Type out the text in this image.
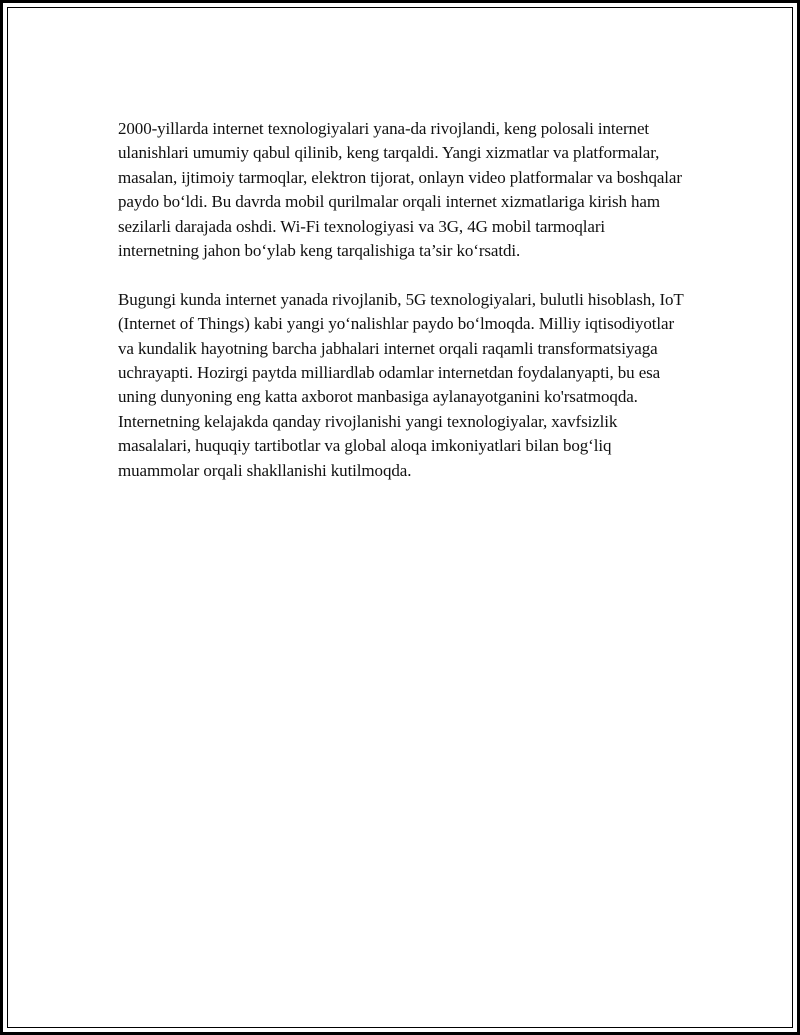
2000-yillarda internet texnologiyalari yana-da rivojlandi, keng polosali internet ulanishlari umumiy qabul qilinib, keng tarqaldi. Yangi xizmatlar va platformalar, masalan, ijtimoiy tarmoqlar, elektron tijorat, onlayn video platformalar va boshqalar paydo bo‘ldi. Bu davrda mobil qurilmalar orqali internet xizmatlariga kirish ham sezilarli darajada oshdi. Wi-Fi texnologiyasi va 3G, 4G mobil tarmoqlari internetning jahon bo‘ylab keng tarqalishiga ta’sir ko‘rsatdi.

Bugungi kunda internet yanada rivojlanib, 5G texnologiyalari, bulutli hisoblash, IoT (Internet of Things) kabi yangi yo‘nalishlar paydo bo‘lmoqda. Milliy iqtisodiyotlar va kundalik hayotning barcha jabhalari internet orqali raqamli transformatsiyaga uchrayapti. Hozirgi paytda milliardlab odamlar internetdan foydalanyapti, bu esa uning dunyoning eng katta axborot manbasiga aylanayotganini ko'rsatmoqda. Internetning kelajakda qanday rivojlanishi yangi texnologiyalar, xavfsizlik masalalari, huquqiy tartibotlar va global aloqa imkoniyatlari bilan bog‘liq muammolar orqali shakllanishi kutilmoqda.
